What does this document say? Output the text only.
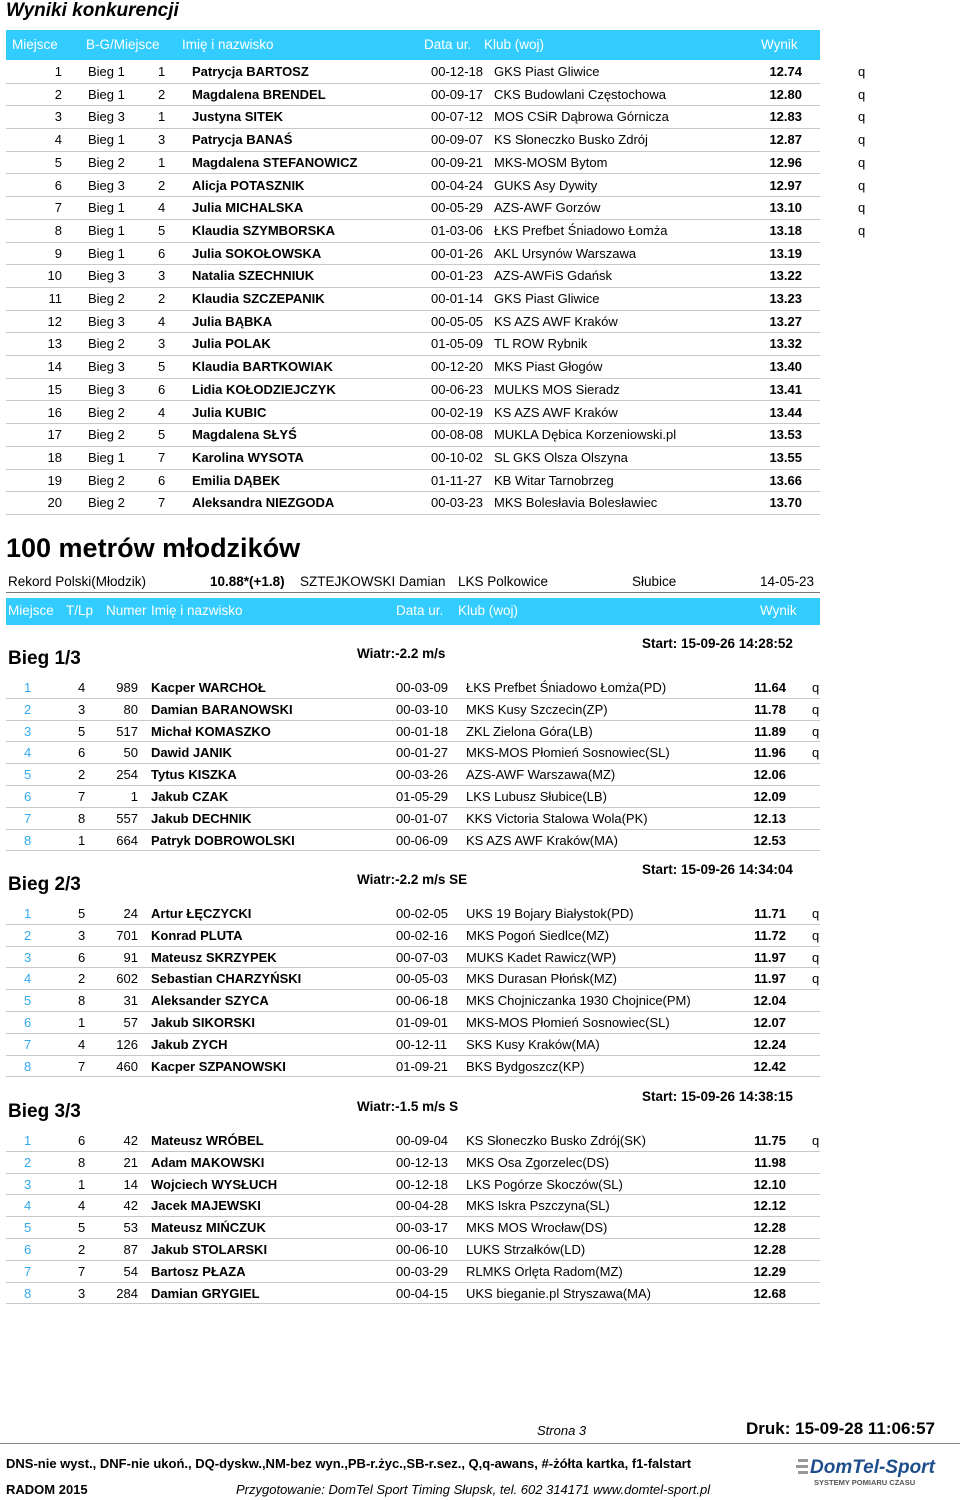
Wyniki konkurencji
Miejsce B-G/Miejsce Imię i nazwisko	Data ur. Klub (woj)	Wynik
1 Bieg 1	1 Patrycja BARTOSZ	00-12-18 GKS Piast Gliwice	12.74	q
2 Bieg 1	2 Magdalena BRENDEL	00-09-17 CKS Budowlani Częstochowa	12.80	q
3 Bieg 3	1 Justyna SITEK	00-07-12 MOS CSiR Dąbrowa Górnicza	12.83	q
4 Bieg 1	3 Patrycja BANAŚ	00-09-07 KS Słoneczko Busko Zdrój	12.87	q
5 Bieg 2	1 Magdalena STEFANOWICZ	00-09-21 MKS-MOSM Bytom	12.96	q
6 Bieg 3	2 Alicja POTASZNIK	00-04-24 GUKS Asy Dywity	12.97	q
7 Bieg 1	4 Julia MICHALSKA	00-05-29 AZS-AWF Gorzów	13.10	q
8 Bieg 1	5 Klaudia SZYMBORSKA	01-03-06 ŁKS Prefbet Śniadowo Łomża	13.18	q
9 Bieg 1	6 Julia SOKOŁOWSKA	00-01-26 AKL Ursynów Warszawa	13.19
10 Bieg 3	3 Natalia SZECHNIUK	00-01-23 AZS-AWFiS Gdańsk	13.22
11 Bieg 2	2 Klaudia SZCZEPANIK	00-01-14 GKS Piast Gliwice	13.23
12 Bieg 3	4 Julia BĄBKA	00-05-05 KS AZS AWF Kraków	13.27
13 Bieg 2	3 Julia POLAK	01-05-09 TL ROW Rybnik	13.32
14 Bieg 3	5 Klaudia BARTKOWIAK	00-12-20 MKS Piast Głogów	13.40
15 Bieg 3	6 Lidia KOŁODZIEJCZYK	00-06-23 MULKS MOS Sieradz	13.41
16 Bieg 2	4 Julia KUBIC	00-02-19 KS AZS AWF Kraków	13.44
17 Bieg 2	5 Magdalena SŁYŚ	00-08-08 MUKLA Dębica Korzeniowski.pl	13.53
18 Bieg 1	7 Karolina WYSOTA	00-10-02 SL GKS Olsza Olszyna	13.55
19 Bieg 2	6 Emilia DĄBEK	01-11-27 KB Witar Tarnobrzeg	13.66
20 Bieg 2	7 Aleksandra NIEZGODA	00-03-23 MKS Bolesłavia Bolesławiec	13.70
100 metrów młodzików
Rekord Polski(Młodzik)	10.88*(+1.8) SZTEJKOWSKI Damian LKS Polkowice	Słubice	14-05-23
Miejsce T/Lp Numer Imię i nazwisko	Data ur. Klub (woj)	Wynik
Bieg 1/3	Wiatr:-2.2 m/s
Start: 15-09-26 14:28:52
1	4	989 Kacper WARCHOŁ	00-03-09 ŁKS Prefbet Śniadowo Łomża(PD)	11.64 q
2	3	80 Damian BARANOWSKI	00-03-10 MKS Kusy Szczecin(ZP)	11.78 q
3	5	517 Michał KOMASZKO	00-01-18 ZKL Zielona Góra(LB)	11.89 q
4	6	50 Dawid JANIK	00-01-27 MKS-MOS Płomień Sosnowiec(SL)	11.96 q
5	2	254 Tytus KISZKA	00-03-26 AZS-AWF Warszawa(MZ)	12.06
6	7	1 Jakub CZAK	01-05-29 LKS Lubusz Słubice(LB)	12.09
7	8	557 Jakub DECHNIK	00-01-07 KKS Victoria Stalowa Wola(PK)	12.13
8	1	664 Patryk DOBROWOLSKI	00-06-09 KS AZS AWF Kraków(MA)	12.53
Bieg 2/3	Wiatr:-2.2 m/s SE
Start: 15-09-26 14:34:04
1	5	24 Artur ŁĘCZYCKI	00-02-05 UKS 19 Bojary Białystok(PD)	11.71 q
2	3	701 Konrad PLUTA	00-02-16 MKS Pogoń Siedlce(MZ)	11.72 q
3	6	91 Mateusz SKRZYPEK	00-07-03 MUKS Kadet Rawicz(WP)	11.97 q
4	2	602 Sebastian CHARZYŃSKI	00-05-03 MKS Durasan Płońsk(MZ)	11.97 q
5	8	31 Aleksander SZYCA	00-06-18 MKS Chojniczanka 1930 Chojnice(PM)	12.04
6	1	57 Jakub SIKORSKI	01-09-01 MKS-MOS Płomień Sosnowiec(SL)	12.07
7	4	126 Jakub ZYCH	00-12-11 SKS Kusy Kraków(MA)	12.24
8	7	460 Kacper SZPANOWSKI	01-09-21 BKS Bydgoszcz(KP)	12.42
Bieg 3/3	Wiatr:-1.5 m/s S
Start: 15-09-26 14:38:15
1	6	42 Mateusz WRÓBEL	00-09-04 KS Słoneczko Busko Zdrój(SK)	11.75 q
2	8	21 Adam MAKOWSKI	00-12-13 MKS Osa Zgorzelec(DS)	11.98
3	1	14 Wojciech WYSŁUCH	00-12-18 LKS Pogórze Skoczów(SL)	12.10
4	4	42 Jacek MAJEWSKI	00-04-28 MKS Iskra Pszczyna(SL)	12.12
5	5	53 Mateusz MIŃCZUK	00-03-17 MKS MOS Wrocław(DS)	12.28
6	2	87 Jakub STOLARSKI	00-06-10 LUKS Strzałków(LD)	12.28
7	7	54 Bartosz PŁAZA	00-03-29 RLMKS Orlęta Radom(MZ)	12.29
8	3	284 Damian GRYGIEL	00-04-15 UKS bieganie.pl Stryszawa(MA)	12.68
Strona 3	Druk: 15-09-28 11:06:57
DNS-nie wyst., DNF-nie ukoń., DQ-dyskw.,NM-bez wyn.,PB-r.życ.,SB-r.sez., Q,q-awans, #-żółta kartka, f1-falstart
RADOM 2015	Przygotowanie: DomTel Sport Timing Słupsk, tel. 602 314171 www.domtel-sport.pl
DomTel-Sport
SYSTEMY POMIARU CZASU
